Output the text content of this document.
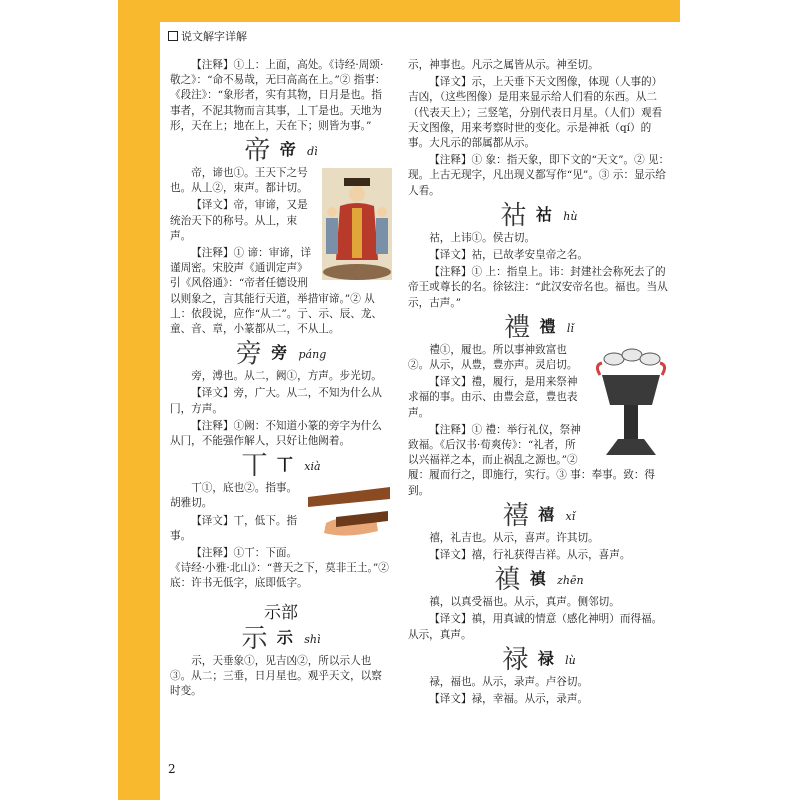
说文解字详解

【注释】①丄：上面，高处。《诗经·周颂·敬之》：“命不易哉，无曰高高在上。”② 指事：《段注》：“象形者，实有其物，日月是也。指事者，不泥其物而言其事，丄丅是也。天地为形，天在上；地在上，天在下；则皆为事。”

帝 帝 dì

帝，谛也①。王天下之号也。从丄②，朿声。都计切。

【译文】帝，审谛，又是统治天下的称号。从丄，朿声。

【注释】① 谛：审谛，详谨周密。宋胶声《通训定声》引《风俗通》：“帝者任德设刑以则象之，言其能行天道，举措审谛。”② 从丄：依段说，应作“从二”。亍、示、辰、龙、童、音、章，小篆都从二，不从丄。

旁 旁 páng

旁，溥也。从二，阙①，方声。步光切。

【译文】旁，广大。从二，不知为什么从冂，方声。

【注释】①阙：不知道小篆的旁字为什么从冂，不能强作解人，只好让他阙着。

丅 丅 xià

丅①，底也②。指事。胡雅切。

【译文】丅，低下。指事。

【注释】①丅：下面。《诗经·小雅·北山》：“普天之下，莫非王土。”② 底：许书无低字，底即低字。

示部
示 示 shì

示，天垂象①，见吉凶②，所以示人也③。从二；三垂，日月星也。观乎天文，以察时变。

示，神事也。凡示之属皆从示。神至切。

【译文】示，上天垂下天文图像，体现（人事的）吉凶，（这些图像）是用来显示给人们看的东西。从二（代表天上）；三竖笔，分别代表日月星。（人们）观看天文图像，用来考察时世的变化。示是神祇（qí）的事。大凡示的部属都从示。

【注释】① 象：指天象，即下文的“天文”。② 见：现。上古无现字，凡出现义都写作“见”。③ 示：显示给人看。

祜 祜 hù

祜，上讳①。侯古切。

【译文】祜，已故孝安皇帝之名。

【注释】① 上：指皇上。讳：封建社会称死去了的帝王或尊长的名。徐铉注：“此汉安帝名也。福也。当从示，古声。”

禮 禮 lǐ

禮①，履也。所以事神致富也②。从示，从豊，豊亦声。灵启切。

【译文】禮，履行，是用来祭神求福的事。由示、由豊会意，豊也表声。

【注释】① 禮：举行礼仪，祭神致福。《后汉书·荀爽传》：“礼者，所以兴福祥之本，而止祸乱之源也。”② 履：履而行之，即施行，实行。③ 事：奉事。致：得到。

禧 禧 xǐ

禧，礼吉也。从示，喜声。许其切。

【译文】禧，行礼获得吉祥。从示，喜声。

禛 禛 zhēn

禛，以真受福也。从示，真声。侧邻切。

【译文】禛，用真诚的情意（感化神明）而得福。从示，真声。

禄 禄 lù

禄，福也。从示，录声。卢谷切。

【译文】禄，幸福。从示，录声。

2
